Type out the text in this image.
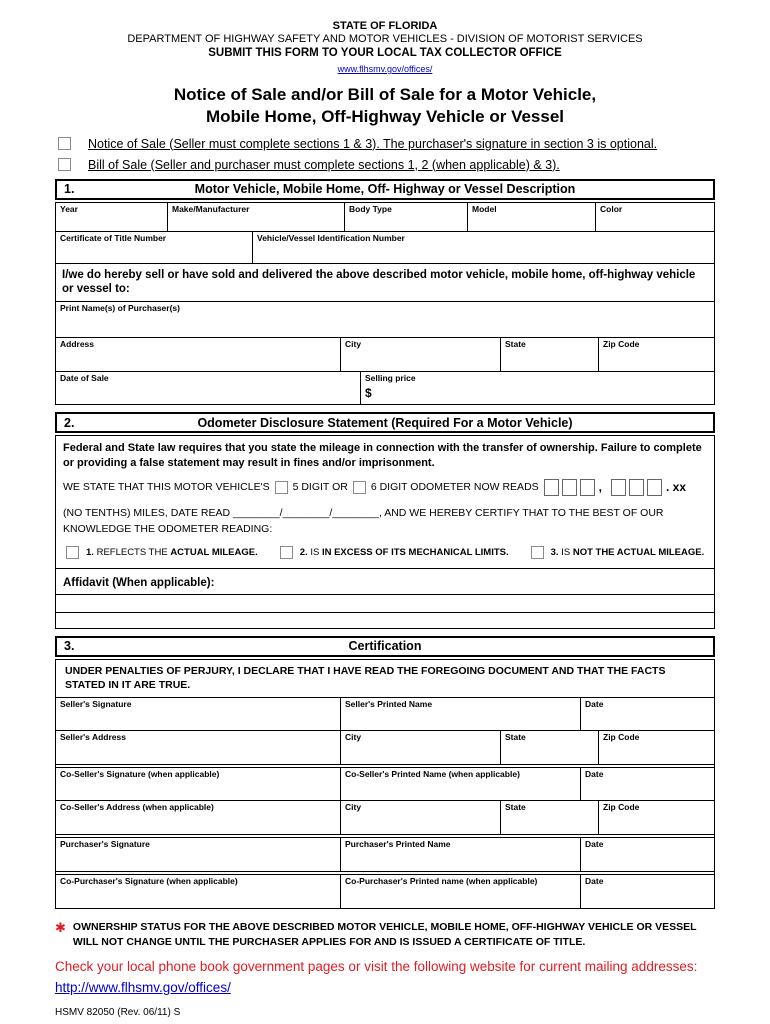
STATE OF FLORIDA
DEPARTMENT OF HIGHWAY SAFETY AND MOTOR VEHICLES - DIVISION OF MOTORIST SERVICES
SUBMIT THIS FORM TO YOUR LOCAL TAX COLLECTOR OFFICE
www.flhsmv.gov/offices/
Notice of Sale and/or Bill of Sale for a Motor Vehicle,
Mobile Home, Off-Highway Vehicle or Vessel
Notice of Sale (Seller must complete sections 1 & 3). The purchaser's signature in section 3 is optional.
Bill of Sale (Seller and purchaser must complete sections 1, 2 (when applicable) & 3).
1.	Motor Vehicle, Mobile Home, Off- Highway or Vessel Description
Year	Make/Manufacturer	Body Type	Model	Color
Certificate of Title Number	Vehicle/Vessel Identification Number

I/we do hereby sell or have sold and delivered the above described motor vehicle, mobile home, off-highway vehicle or vessel to:

Print Name(s) of Purchaser(s)
Address	City	State	Zip Code
Date of Sale	Selling price
$
2.	Odometer Disclosure Statement (Required For a Motor Vehicle)

Federal and State law requires that you state the mileage in connection with the transfer of ownership. Failure to complete or providing a false statement may result in fines and/or imprisonment.

WE STATE THAT THIS MOTOR VEHICLE'S 5 DIGIT OR 6 DIGIT ODOMETER NOW READS	,	. xx

(NO TENTHS) MILES, DATE READ ________/________/________, AND WE HEREBY CERTIFY THAT TO THE BEST OF OUR KNOWLEDGE THE ODOMETER READING:

1. REFLECTS THE ACTUAL MILEAGE.	2. IS IN EXCESS OF ITS MECHANICAL LIMITS.	3. IS NOT THE ACTUAL MILEAGE.
Affidavit (When applicable):
3.	Certification

UNDER PENALTIES OF PERJURY, I DECLARE THAT I HAVE READ THE FOREGOING DOCUMENT AND THAT THE FACTS STATED IN IT ARE TRUE.

Seller's Signature	Seller's Printed Name	Date
Seller's Address	City	State	Zip Code
Co-Seller's Signature (when applicable)	Co-Seller's Printed Name (when applicable)	Date
Co-Seller's Address (when applicable)	City	State	Zip Code
Purchaser's Signature	Purchaser's Printed Name	Date
Co-Purchaser's Signature (when applicable)	Co-Purchaser's Printed name (when applicable)	Date
✱ OWNERSHIP STATUS FOR THE ABOVE DESCRIBED MOTOR VEHICLE, MOBILE HOME, OFF-HIGHWAY VEHICLE OR VESSEL WILL NOT CHANGE UNTIL THE PURCHASER APPLIES FOR AND IS ISSUED A CERTIFICATE OF TITLE.

Check your local phone book government pages or visit the following website for current mailing addresses: http://www.flhsmv.gov/offices/

HSMV 82050 (Rev. 06/11) S
